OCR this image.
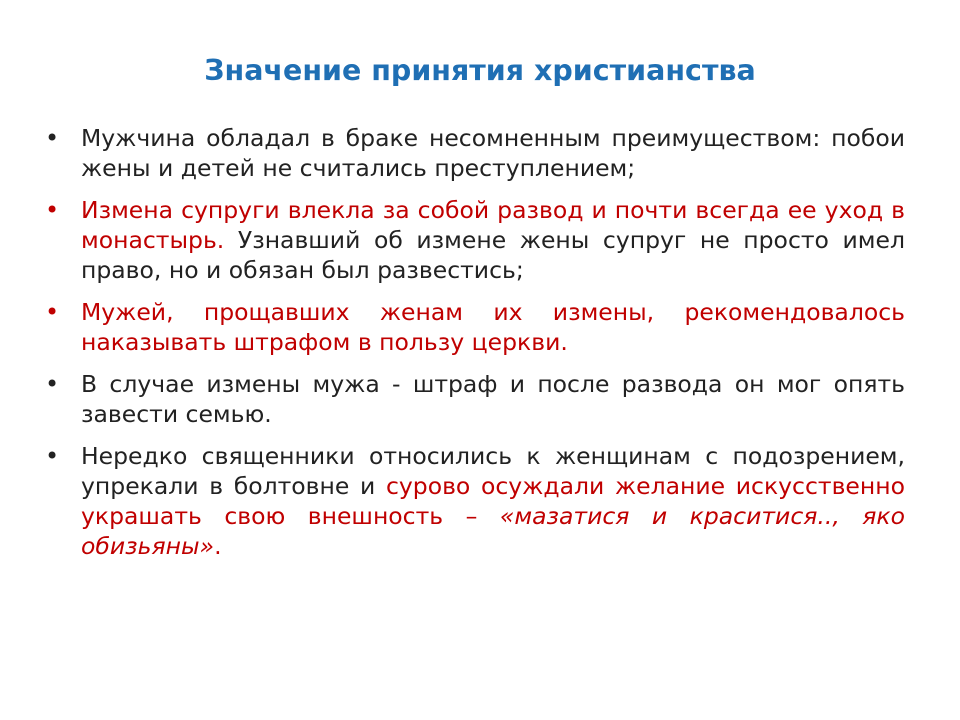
Значение принятия христианства
• Мужчина обладал в браке несомненным преимуществом: побои жены и детей не считались преступлением;
• Измена супруги влекла за собой развод и почти всегда ее уход в монастырь. Узнавший об измене жены супруг не просто имел право, но и обязан был развестись;
• Мужей, прощавших женам их измены, рекомендовалось наказывать штрафом в пользу церкви.
• В случае измены мужа - штраф и после развода он мог опять завести семью.
• Нередко священники относились к женщинам с подозрением, упрекали в болтовне и сурово осуждали желание искусственно украшать свою внешность – «мазатися и краситися.., яко обизьяны».
